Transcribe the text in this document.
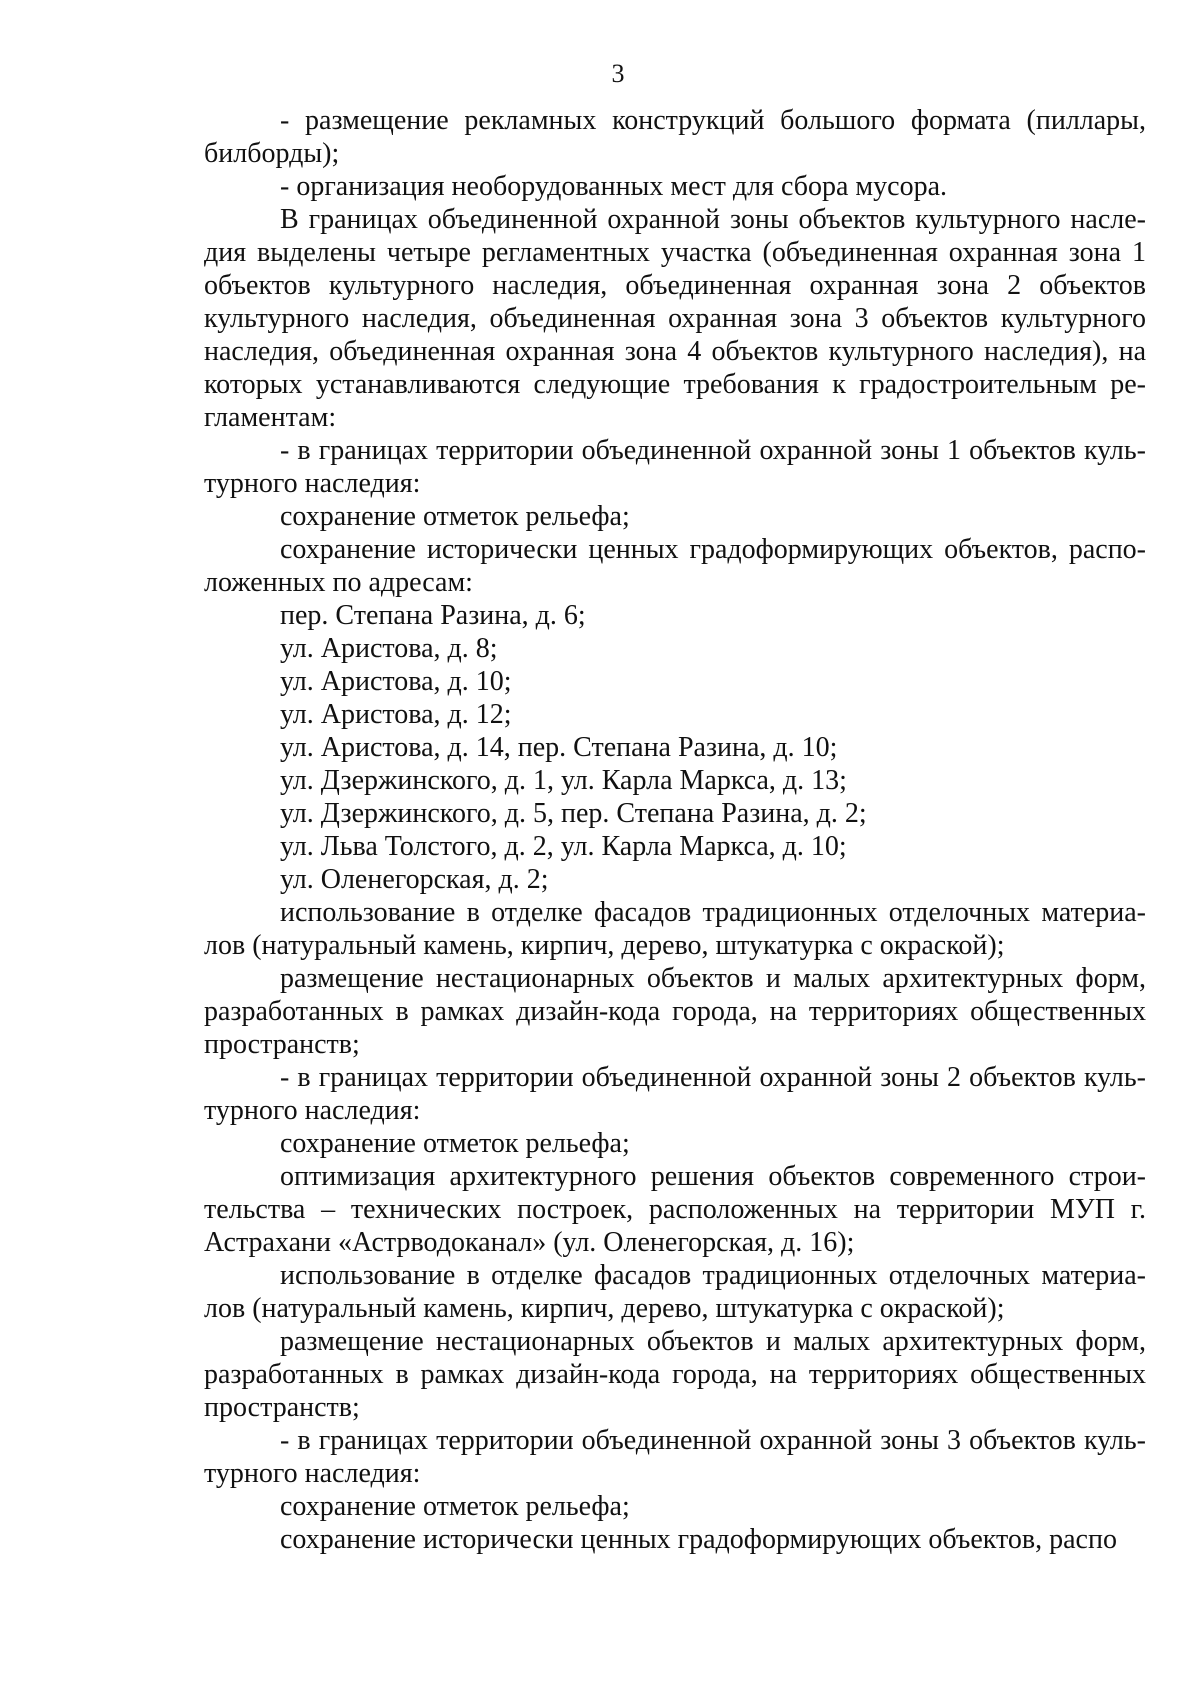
3

- размещение рекламных конструкций большого формата (пиллары, билборды);

- организация необорудованных мест для сбора мусора.

В границах объединенной охранной зоны объектов культурного наследия выделены четыре регламентных участка (объединенная охранная зона 1 объектов культурного наследия, объединенная охранная зона 2 объектов культурного наследия, объединенная охранная зона 3 объектов культурного наследия, объединенная охранная зона 4 объектов культурного наследия), на которых устанавливаются следующие требования к градостроительным регламентам:

- в границах территории объединенной охранной зоны 1 объектов культурного наследия:

сохранение отметок рельефа;

сохранение исторически ценных градоформирующих объектов, расположенных по адресам:

пер. Степана Разина, д. 6;

ул. Аристова, д. 8;

ул. Аристова, д. 10;

ул. Аристова, д. 12;

ул. Аристова, д. 14, пер. Степана Разина, д. 10;

ул. Дзержинского, д. 1, ул. Карла Маркса, д. 13;

ул. Дзержинского, д. 5, пер. Степана Разина, д. 2;

ул. Льва Толстого, д. 2, ул. Карла Маркса, д. 10;

ул. Оленегорская, д. 2;

использование в отделке фасадов традиционных отделочных материалов (натуральный камень, кирпич, дерево, штукатурка с окраской);

размещение нестационарных объектов и малых архитектурных форм, разработанных в рамках дизайн-кода города, на территориях общественных пространств;

- в границах территории объединенной охранной зоны 2 объектов культурного наследия:

сохранение отметок рельефа;

оптимизация архитектурного решения объектов современного строительства – технических построек, расположенных на территории МУП г. Астрахани «Астрводоканал» (ул. Оленегорская, д. 16);

использование в отделке фасадов традиционных отделочных материалов (натуральный камень, кирпич, дерево, штукатурка с окраской);

размещение нестационарных объектов и малых архитектурных форм, разработанных в рамках дизайн-кода города, на территориях общественных пространств;

- в границах территории объединенной охранной зоны 3 объектов культурного наследия:

сохранение отметок рельефа;

сохранение исторически ценных градоформирующих объектов, распо
